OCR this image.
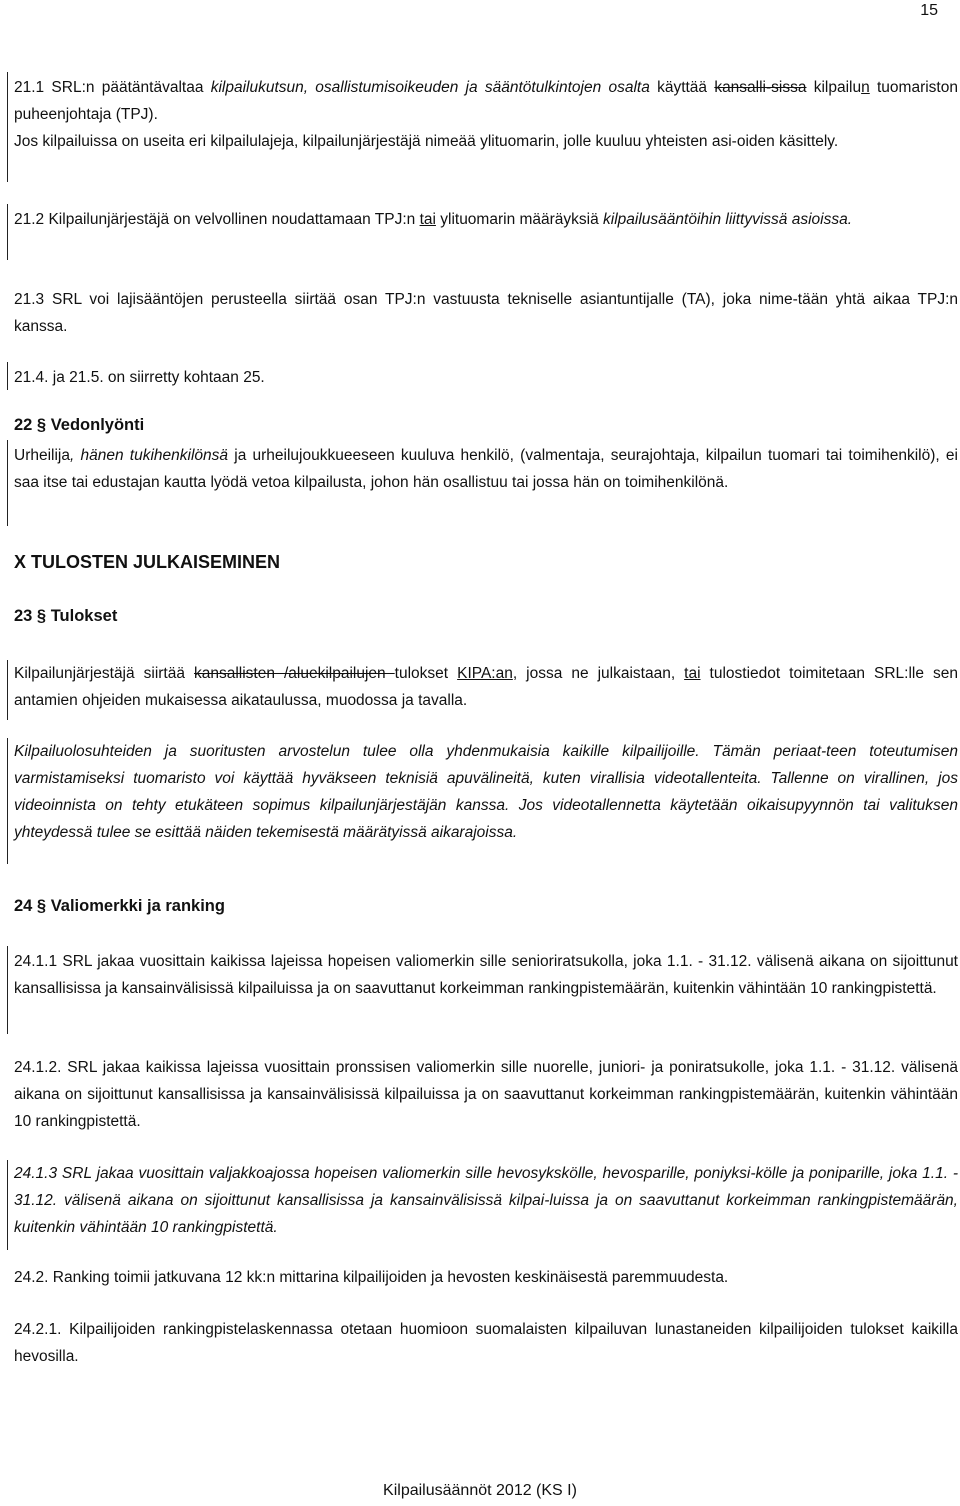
15

21.1 SRL:n päätäntävaltaa kilpailukutsun, osallistumisoikeuden ja sääntötulkintojen osalta käyttää kansalli-sissa kilpailun tuomariston puheenjohtaja (TPJ).
Jos kilpailuissa on useita eri kilpailulajeja, kilpailunjärjestäjä nimeää ylituomarin, jolle kuuluu yhteisten asi-oiden käsittely.

21.2 Kilpailunjärjestäjä on velvollinen noudattamaan TPJ:n tai ylituomarin määräyksiä kilpailusääntöihin liittyvissä asioissa.

21.3 SRL voi lajisääntöjen perusteella siirtää osan TPJ:n vastuusta tekniselle asiantuntijalle (TA), joka nime-tään yhtä aikaa TPJ:n kanssa.

21.4. ja 21.5. on siirretty kohtaan 25.

22 § Vedonlyönti

Urheilija, hänen tukihenkilönsä ja urheilujoukkueeseen kuuluva henkilö, (valmentaja, seurajohtaja, kilpailun tuomari tai toimihenkilö), ei saa itse tai edustajan kautta lyödä vetoa kilpailusta, johon hän osallistuu tai jossa hän on toimihenkilönä.

X TULOSTEN JULKAISEMINEN

23 § Tulokset

Kilpailunjärjestäjä siirtää kansallisten /aluekilpailujen tulokset KIPA:an, jossa ne julkaistaan, tai tulostiedot toimitetaan SRL:lle sen antamien ohjeiden mukaisessa aikataulussa, muodossa ja tavalla.

Kilpailuolosuhteiden ja suoritusten arvostelun tulee olla yhdenmukaisia kaikille kilpailijoille. Tämän periaat-teen toteutumisen varmistamiseksi tuomaristo voi käyttää hyväkseen teknisiä apuvälineitä, kuten virallisia videotallenteita. Tallenne on virallinen, jos videoinnista on tehty etukäteen sopimus kilpailunjärjestäjän kanssa. Jos videotallennetta käytetään oikaisupyynnön tai valituksen yhteydessä tulee se esittää näiden tekemisestä määrätyissä aikarajoissa.

24 § Valiomerkki ja ranking

24.1.1 SRL jakaa vuosittain kaikissa lajeissa hopeisen valiomerkin sille senioriratsukolla, joka 1.1. - 31.12. välisenä aikana on sijoittunut kansallisissa ja kansainvälisissä kilpailuissa ja on saavuttanut korkeimman rankingpistemäärän, kuitenkin vähintään 10 rankingpistettä.

24.1.2. SRL jakaa kaikissa lajeissa vuosittain pronssisen valiomerkin sille nuorelle, juniori- ja poniratsukolle, joka 1.1. - 31.12. välisenä aikana on sijoittunut kansallisissa ja kansainvälisissä kilpailuissa ja on saavuttanut korkeimman rankingpistemäärän, kuitenkin vähintään 10 rankingpistettä.

24.1.3 SRL jakaa vuosittain valjakkoajossa hopeisen valiomerkin sille hevosykskölle, hevosparille, poniyksi-kölle ja poniparille, joka 1.1. - 31.12. välisenä aikana on sijoittunut kansallisissa ja kansainvälisissä kilpai-luissa ja on saavuttanut korkeimman rankingpistemäärän, kuitenkin vähintään 10 rankingpistettä.

24.2. Ranking toimii jatkuvana 12 kk:n mittarina kilpailijoiden ja hevosten keskinäisestä paremmuudesta.

24.2.1. Kilpailijoiden rankingpistelaskennassa otetaan huomioon suomalaisten kilpailuvan lunastaneiden kilpailijoiden tulokset kaikilla hevosilla.

Kilpailusäännöt 2012 (KS I)
